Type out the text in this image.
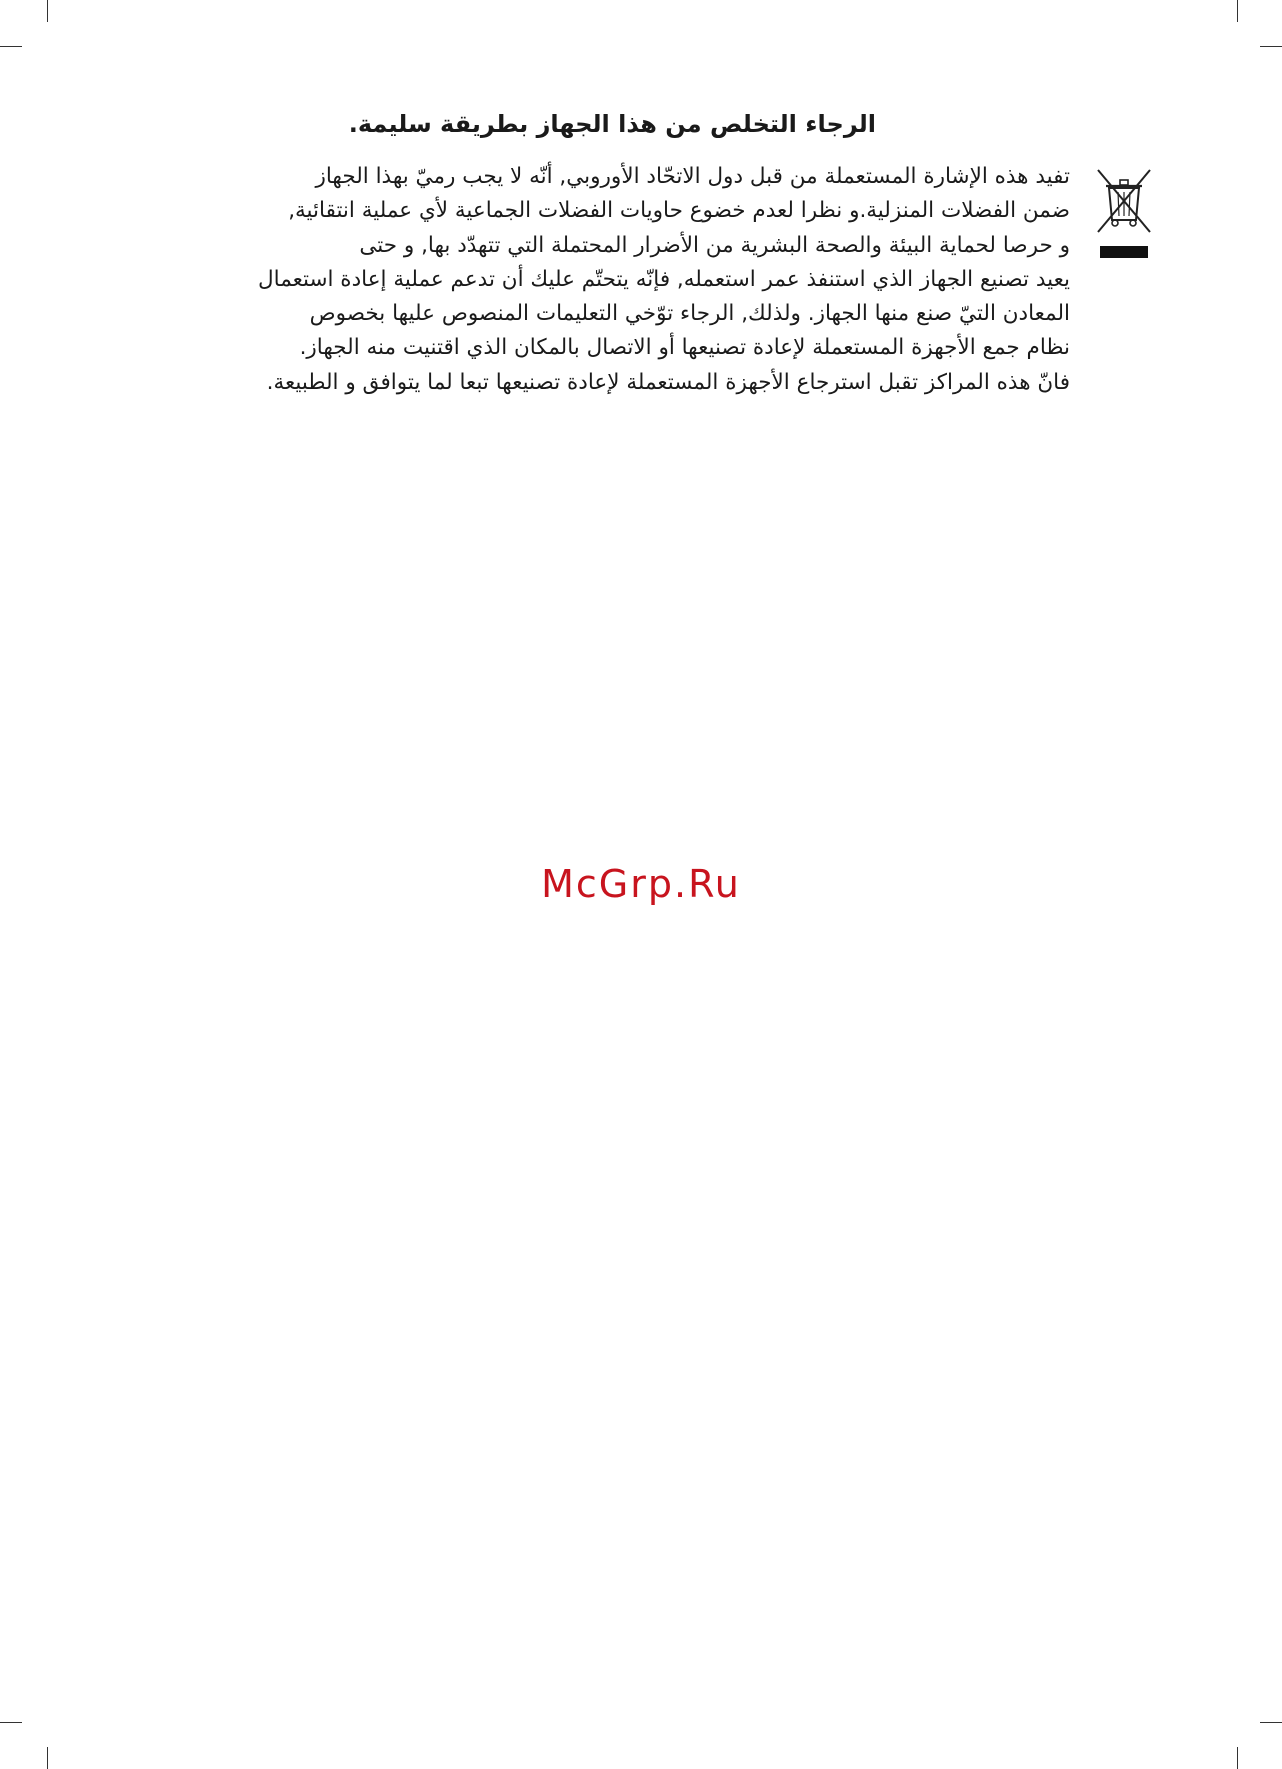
الرجاء التخلص من هذا الجهاز بطريقة سليمة.
تفيد هذه الإشارة المستعملة من قبل دول الاتحّاد الأوروبي, أنّه لا يجب رميّ بهذا الجهاز
ضمن الفضلات المنزلية.و نظرا لعدم خضوع حاويات الفضلات الجماعية لأي عملية انتقائية,
و حرصا لحماية البيئة والصحة البشرية من الأضرار المحتملة التي تتهدّد بها, و حتى
يعيد تصنيع الجهاز الذي استنفذ عمر استعمله, فإنّه يتحتّم عليك أن تدعم عملية إعادة استعمال
المعادن التيّ صنع منها الجهاز. ولذلك, الرجاء توّخي التعليمات المنصوص عليها بخصوص
نظام جمع الأجهزة المستعملة لإعادة تصنيعها أو الاتصال بالمكان الذي اقتنيت منه الجهاز.
فانّ هذه المراكز تقبل استرجاع الأجهزة المستعملة لإعادة تصنيعها تبعا لما يتوافق و الطبيعة.
McGrp.Ru
